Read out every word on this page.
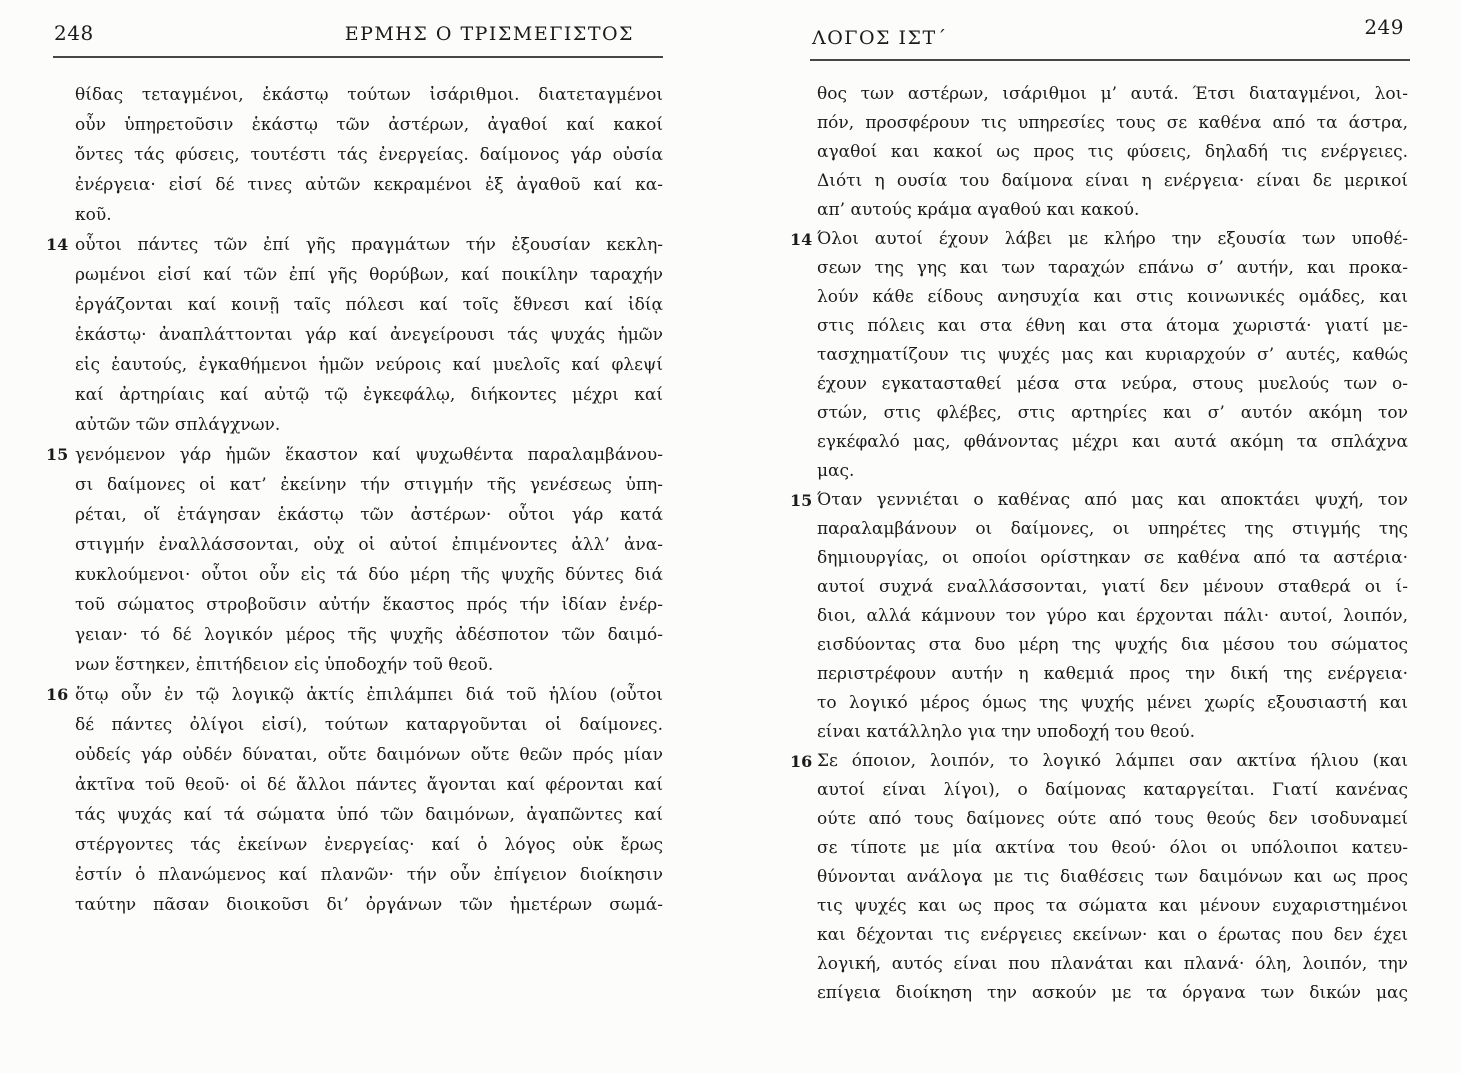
248	ΕΡΜΗΣ Ο ΤΡΙΣΜΕΓΙΣΤΟΣ
θίδας τεταγμένοι, ἑκάστῳ τούτων ἰσάριθμοι. διατεταγμένοι
οὖν ὑπηρετοῦσιν ἑκάστῳ τῶν ἀστέρων, ἀγαθοί καί κακοί
ὄντες τάς φύσεις, τουτέστι τάς ἐνεργείας. δαίμονος γάρ οὐσία
ἐνέργεια· εἰσί δέ τινες αὐτῶν κεκραμένοι ἐξ ἀγαθοῦ καί κα-
κοῦ.
14 οὗτοι πάντες τῶν ἐπί γῆς πραγμάτων τήν ἐξουσίαν κεκλη-
ρωμένοι εἰσί καί τῶν ἐπί γῆς θορύβων, καί ποικίλην ταραχήν
ἐργάζονται καί κοινῇ ταῖς πόλεσι καί τοῖς ἔθνεσι καί ἰδίᾳ
ἑκάστῳ· ἀναπλάττονται γάρ καί ἀνεγείρουσι τάς ψυχάς ἡμῶν
εἰς ἑαυτούς, ἐγκαθήμενοι ἡμῶν νεύροις καί μυελοῖς καί φλεψί
καί ἀρτηρίαις καί αὐτῷ τῷ ἐγκεφάλῳ, διήκοντες μέχρι καί
αὐτῶν τῶν σπλάγχνων.
15 γενόμενον γάρ ἡμῶν ἕκαστον καί ψυχωθέντα παραλαμβάνου-
σι δαίμονες οἱ κατ’ ἐκείνην τήν στιγμήν τῆς γενέσεως ὑπη-
ρέται, οἵ ἐτάγησαν ἑκάστῳ τῶν ἀστέρων· οὗτοι γάρ κατά
στιγμήν ἐναλλάσσονται, οὐχ οἱ αὐτοί ἐπιμένοντες ἀλλ’ ἀνα-
κυκλούμενοι· οὗτοι οὖν εἰς τά δύο μέρη τῆς ψυχῆς δύντες διά
τοῦ σώματος στροβοῦσιν αὐτήν ἕκαστος πρός τήν ἰδίαν ἐνέρ-
γειαν· τό δέ λογικόν μέρος τῆς ψυχῆς ἀδέσποτον τῶν δαιμό-
νων ἕστηκεν, ἐπιτήδειον εἰς ὑποδοχήν τοῦ θεοῦ.
16 ὅτῳ οὖν ἐν τῷ λογικῷ ἀκτίς ἐπιλάμπει διά τοῦ ἡλίου (οὗτοι
δέ πάντες ὀλίγοι εἰσί), τούτων καταργοῦνται οἱ δαίμονες.
οὐδείς γάρ οὐδέν δύναται, οὔτε δαιμόνων οὔτε θεῶν πρός μίαν
ἀκτῖνα τοῦ θεοῦ· οἱ δέ ἄλλοι πάντες ἄγονται καί φέρονται καί
τάς ψυχάς καί τά σώματα ὑπό τῶν δαιμόνων, ἀγαπῶντες καί
στέργοντες τάς ἐκείνων ἐνεργείας· καί ὁ λόγος οὐκ ἔρως
ἐστίν ὁ πλανώμενος καί πλανῶν· τήν οὖν ἐπίγειον διοίκησιν
ταύτην πᾶσαν διοικοῦσι δι’ ὀργάνων τῶν ἡμετέρων σωμά-
ΛΟΓΟΣ ΙΣΤ΄	249
θος των αστέρων, ισάριθμοι μ’ αυτά. Έτσι διαταγμένοι, λοι-
πόν, προσφέρουν τις υπηρεσίες τους σε καθένα από τα άστρα,
αγαθοί και κακοί ως προς τις φύσεις, δηλαδή τις ενέργειες.
Διότι η ουσία του δαίμονα είναι η ενέργεια· είναι δε μερικοί
απ’ αυτούς κράμα αγαθού και κακού.
14 Όλοι αυτοί έχουν λάβει με κλήρο την εξουσία των υποθέ-
σεων της γης και των ταραχών επάνω σ’ αυτήν, και προκα-
λούν κάθε είδους ανησυχία και στις κοινωνικές ομάδες, και
στις πόλεις και στα έθνη και στα άτομα χωριστά· γιατί με-
τασχηματίζουν τις ψυχές μας και κυριαρχούν σ’ αυτές, καθώς
έχουν εγκατασταθεί μέσα στα νεύρα, στους μυελούς των ο-
στών, στις φλέβες, στις αρτηρίες και σ’ αυτόν ακόμη τον
εγκέφαλό μας, φθάνοντας μέχρι και αυτά ακόμη τα σπλάχνα
μας.
15 Όταν γεννιέται ο καθένας από μας και αποκτάει ψυχή, τον
παραλαμβάνουν οι δαίμονες, οι υπηρέτες της στιγμής της
δημιουργίας, οι οποίοι ορίστηκαν σε καθένα από τα αστέρια·
αυτοί συχνά εναλλάσσονται, γιατί δεν μένουν σταθερά οι ί-
διοι, αλλά κάμνουν τον γύρο και έρχονται πάλι· αυτοί, λοιπόν,
εισδύοντας στα δυο μέρη της ψυχής δια μέσου του σώματος
περιστρέφουν αυτήν η καθεμιά προς την δική της ενέργεια·
το λογικό μέρος όμως της ψυχής μένει χωρίς εξουσιαστή και
είναι κατάλληλο για την υποδοχή του θεού.
16 Σε όποιον, λοιπόν, το λογικό λάμπει σαν ακτίνα ήλιου (και
αυτοί είναι λίγοι), ο δαίμονας καταργείται. Γιατί κανένας
ούτε από τους δαίμονες ούτε από τους θεούς δεν ισοδυναμεί
σε τίποτε με μία ακτίνα του θεού· όλοι οι υπόλοιποι κατευ-
θύνονται ανάλογα με τις διαθέσεις των δαιμόνων και ως προς
τις ψυχές και ως προς τα σώματα και μένουν ευχαριστημένοι
και δέχονται τις ενέργειες εκείνων· και ο έρωτας που δεν έχει
λογική, αυτός είναι που πλανάται και πλανά· όλη, λοιπόν, την
επίγεια διοίκηση την ασκούν με τα όργανα των δικών μας
